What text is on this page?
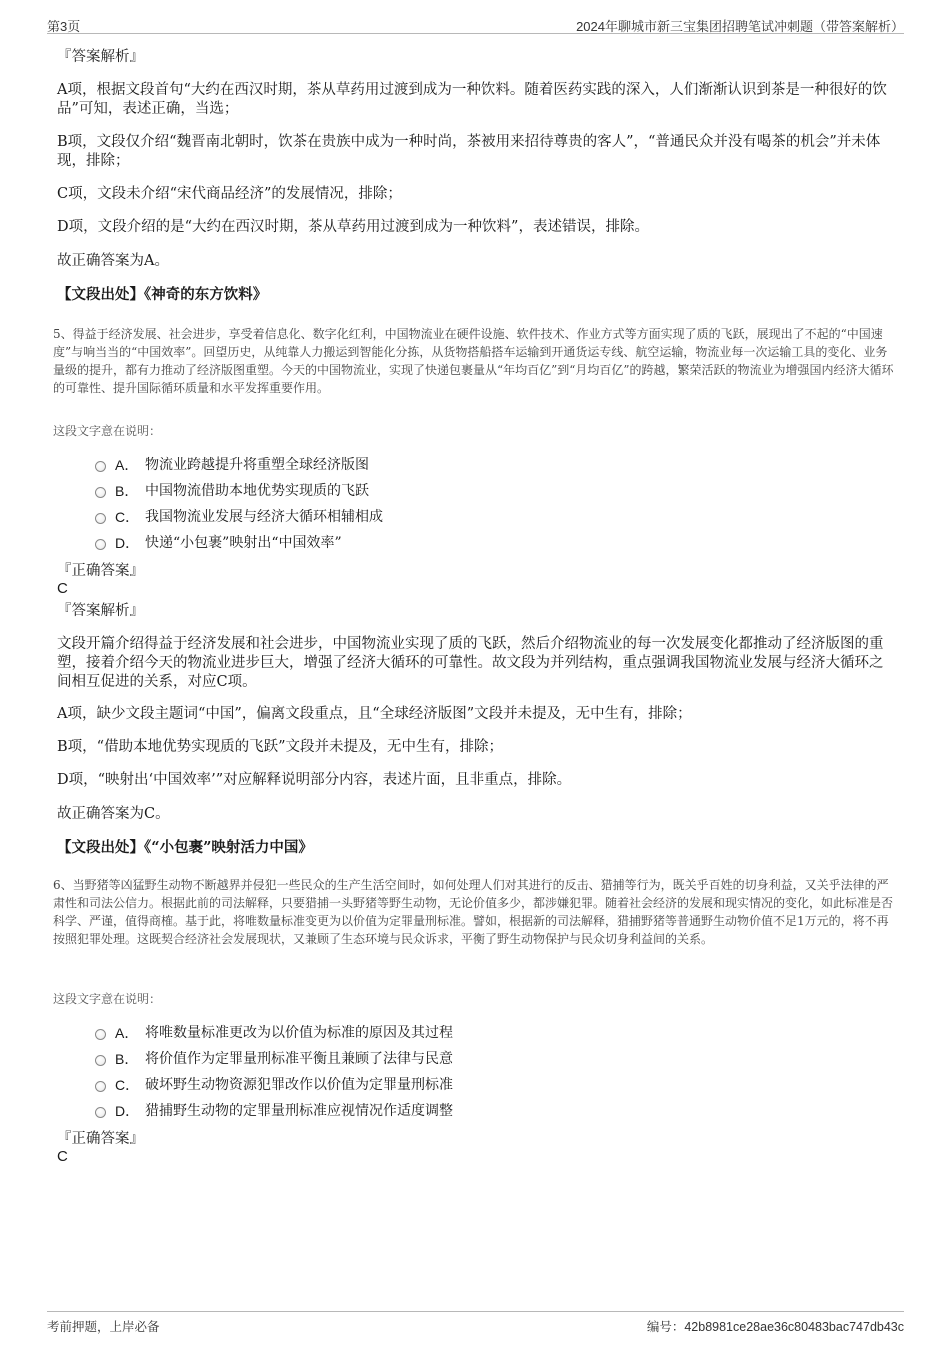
第3页	2024年聊城市新三宝集团招聘笔试冲刺题（带答案解析）
『答案解析』
A项，根据文段首句“大约在西汉时期，茶从草药用过渡到成为一种饮料。随着医药实践的深入，人们渐渐认识到茶是一种很好的饮品”可知，表述正确，当选；
B项，文段仅介绍“魏晋南北朝时，饮茶在贵族中成为一种时尚，茶被用来招待尊贵的客人”，“普通民众并没有喝茶的机会”并未体现，排除；
C项，文段未介绍“宋代商品经济”的发展情况，排除；
D项，文段介绍的是“大约在西汉时期，茶从草药用过渡到成为一种饮料”，表述错误，排除。
故正确答案为A。
【文段出处】《神奇的东方饮料》
5、得益于经济发展、社会进步，享受着信息化、数字化红利，中国物流业在硬件设施、软件技术、作业方式等方面实现了质的飞跃，展现出了不起的“中国速度”与响当当的“中国效率”。回望历史，从纯靠人力搬运到智能化分拣，从货物搭船搭车运输到开通货运专线、航空运输，物流业每一次运输工具的变化、业务量级的提升，都有力推动了经济版图重塑。今天的中国物流业，实现了快递包裹量从“年均百亿”到“月均百亿”的跨越，繁荣活跃的物流业为增强国内经济大循环的可靠性、提升国际循环质量和水平发挥重要作用。
这段文字意在说明：
A． 物流业跨越提升将重塑全球经济版图
B． 中国物流借助本地优势实现质的飞跃
C． 我国物流业发展与经济大循环相辅相成
D． 快递“小包裹”映射出“中国效率”
『正确答案』
C
『答案解析』
文段开篇介绍得益于经济发展和社会进步，中国物流业实现了质的飞跃，然后介绍物流业的每一次发展变化都推动了经济版图的重塑，接着介绍今天的物流业进步巨大，增强了经济大循环的可靠性。故文段为并列结构，重点强调我国物流业发展与经济大循环之间相互促进的关系，对应C项。
A项，缺少文段主题词“中国”，偏离文段重点，且“全球经济版图”文段并未提及，无中生有，排除；
B项，“借助本地优势实现质的飞跃”文段并未提及，无中生有，排除；
D项，“映射出‘中国效率’”对应解释说明部分内容，表述片面，且非重点，排除。
故正确答案为C。
【文段出处】《“小包裹”映射活力中国》
6、当野猪等凶猛野生动物不断越界并侵犯一些民众的生产生活空间时，如何处理人们对其进行的反击、猎捕等行为，既关乎百姓的切身利益，又关乎法律的严肃性和司法公信力。根据此前的司法解释，只要猎捕一头野猪等野生动物，无论价值多少，都涉嫌犯罪。随着社会经济的发展和现实情况的变化，如此标准是否科学、严谨，值得商榷。基于此，将唯数量标准变更为以价值为定罪量刑标准。譬如，根据新的司法解释，猎捕野猪等普通野生动物价值不足1万元的，将不再按照犯罪处理。这既契合经济社会发展现状，又兼顾了生态环境与民众诉求，平衡了野生动物保护与民众切身利益间的关系。
这段文字意在说明：
A． 将唯数量标准更改为以价值为标准的原因及其过程
B． 将价值作为定罪量刑标准平衡且兼顾了法律与民意
C． 破坏野生动物资源犯罪改作以价值为定罪量刑标准
D． 猎捕野生动物的定罪量刑标准应视情况作适度调整
『正确答案』
C
考前押题，上岸必备	编号：42b8981ce28ae36c80483bac747db43c
